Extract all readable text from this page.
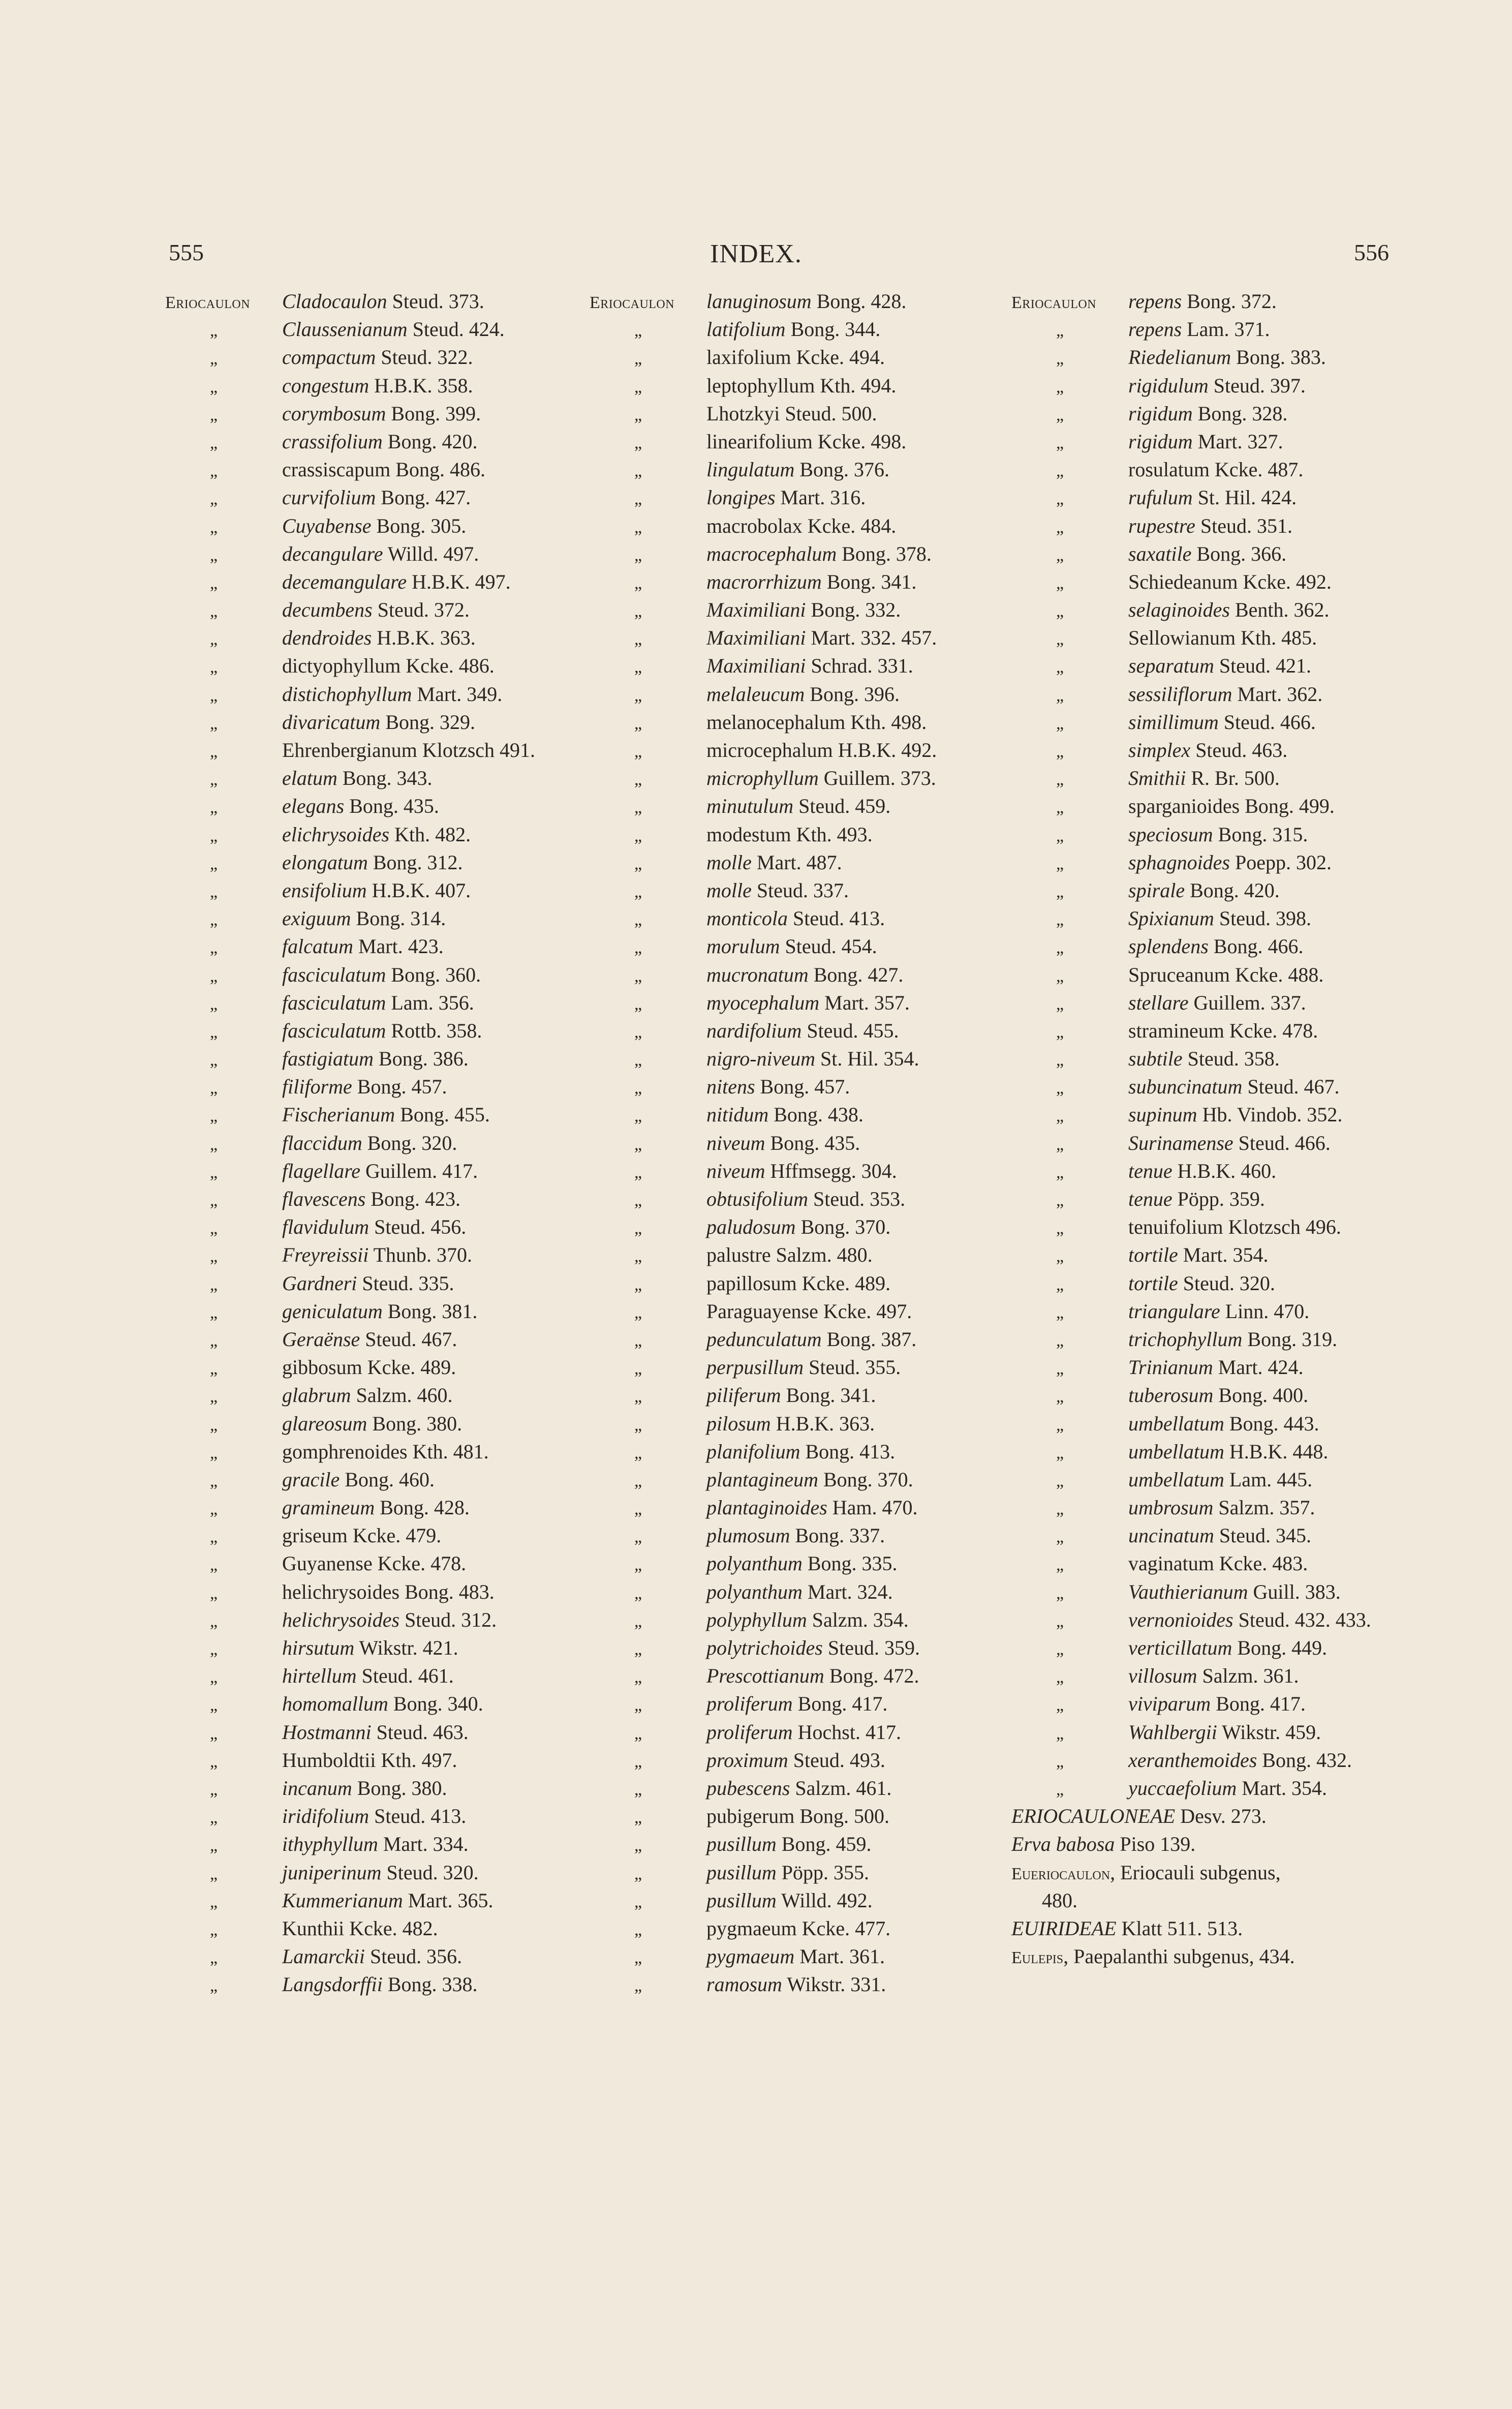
555	INDEX.	556
Eriocaulon Cladocaulon Steud. 373.
„	Claussenianum Steud. 424.
„	compactum Steud. 322.
„	congestum H.B.K. 358.
„	corymbosum Bong. 399.
„	crassifolium Bong. 420.
„	crassiscapum Bong. 486.
„	curvifolium Bong. 427.
„	Cuyabense Bong. 305.
„	decangulare Willd. 497.
„	decemangulare H.B.K. 497.
„	decumbens Steud. 372.
„	dendroides H.B.K. 363.
„	dictyophyllum Kcke. 486.
„	distichophyllum Mart. 349.
„	divaricatum Bong. 329.
„	Ehrenbergianum Klotzsch 491.
„	elatum Bong. 343.
„	elegans Bong. 435.
„	elichrysoides Kth. 482.
„	elongatum Bong. 312.
„	ensifolium H.B.K. 407.
„	exiguum Bong. 314.
„	falcatum Mart. 423.
„	fasciculatum Bong. 360.
„	fasciculatum Lam. 356.
„	fasciculatum Rottb. 358.
„	fastigiatum Bong. 386.
„	filiforme Bong. 457.
„	Fischerianum Bong. 455.
„	flaccidum Bong. 320.
„	flagellare Guillem. 417.
„	flavescens Bong. 423.
„	flavidulum Steud. 456.
„	Freyreissii Thunb. 370.
„	Gardneri Steud. 335.
„	geniculatum Bong. 381.
„	Geraënse Steud. 467.
„	gibbosum Kcke. 489.
„	glabrum Salzm. 460.
„	glareosum Bong. 380.
„	gomphrenoides Kth. 481.
„	gracile Bong. 460.
„	gramineum Bong. 428.
„	griseum Kcke. 479.
„	Guyanense Kcke. 478.
„	helichrysoides Bong. 483.
„	helichrysoides Steud. 312.
„	hirsutum Wikstr. 421.
„	hirtellum Steud. 461.
„	homomallum Bong. 340.
„	Hostmanni Steud. 463.
„	Humboldtii Kth. 497.
„	incanum Bong. 380.
„	iridifolium Steud. 413.
„	ithyphyllum Mart. 334.
„	juniperinum Steud. 320.
„	Kummerianum Mart. 365.
„	Kunthii Kcke. 482.
„	Lamarckii Steud. 356.
„	Langsdorffii Bong. 338.
Eriocaulon lanuginosum Bong. 428.
„	latifolium Bong. 344.
„	laxifolium Kcke. 494.
„	leptophyllum Kth. 494.
„	Lhotzkyi Steud. 500.
„	linearifolium Kcke. 498.
„	lingulatum Bong. 376.
„	longipes Mart. 316.
„	macrobolax Kcke. 484.
„	macrocephalum Bong. 378.
„	macrorrhizum Bong. 341.
„	Maximiliani Bong. 332.
„	Maximiliani Mart. 332. 457.
„	Maximiliani Schrad. 331.
„	melaleucum Bong. 396.
„	melanocephalum Kth. 498.
„	microcephalum H.B.K. 492.
„	microphyllum Guillem. 373.
„	minutulum Steud. 459.
„	modestum Kth. 493.
„	molle Mart. 487.
„	molle Steud. 337.
„	monticola Steud. 413.
„	morulum Steud. 454.
„	mucronatum Bong. 427.
„	myocephalum Mart. 357.
„	nardifolium Steud. 455.
„	nigro-niveum St. Hil. 354.
„	nitens Bong. 457.
„	nitidum Bong. 438.
„	niveum Bong. 435.
„	niveum Hffmsegg. 304.
„	obtusifolium Steud. 353.
„	paludosum Bong. 370.
„	palustre Salzm. 480.
„	papillosum Kcke. 489.
„	Paraguayense Kcke. 497.
„	pedunculatum Bong. 387.
„	perpusillum Steud. 355.
„	piliferum Bong. 341.
„	pilosum H.B.K. 363.
„	planifolium Bong. 413.
„	plantagineum Bong. 370.
„	plantaginoides Ham. 470.
„	plumosum Bong. 337.
„	polyanthum Bong. 335.
„	polyanthum Mart. 324.
„	polyphyllum Salzm. 354.
„	polytrichoides Steud. 359.
„	Prescottianum Bong. 472.
„	proliferum Bong. 417.
„	proliferum Hochst. 417.
„	proximum Steud. 493.
„	pubescens Salzm. 461.
„	pubigerum Bong. 500.
„	pusillum Bong. 459.
„	pusillum Pöpp. 355.
„	pusillum Willd. 492.
„	pygmaeum Kcke. 477.
„	pygmaeum Mart. 361.
„	ramosum Wikstr. 331.
Eriocaulon repens Bong. 372.
„	repens Lam. 371.
„	Riedelianum Bong. 383.
„	rigidulum Steud. 397.
„	rigidum Bong. 328.
„	rigidum Mart. 327.
„	rosulatum Kcke. 487.
„	rufulum St. Hil. 424.
„	rupestre Steud. 351.
„	saxatile Bong. 366.
„	Schiedeanum Kcke. 492.
„	selaginoides Benth. 362.
„	Sellowianum Kth. 485.
„	separatum Steud. 421.
„	sessiliflorum Mart. 362.
„	simillimum Steud. 466.
„	simplex Steud. 463.
„	Smithii R. Br. 500.
„	sparganioides Bong. 499.
„	speciosum Bong. 315.
„	sphagnoides Poepp. 302.
„	spirale Bong. 420.
„	Spixianum Steud. 398.
„	splendens Bong. 466.
„	Spruceanum Kcke. 488.
„	stellare Guillem. 337.
„	stramineum Kcke. 478.
„	subtile Steud. 358.
„	subuncinatum Steud. 467.
„	supinum Hb. Vindob. 352.
„	Surinamense Steud. 466.
„	tenue H.B.K. 460.
„	tenue Pöpp. 359.
„	tenuifolium Klotzsch 496.
„	tortile Mart. 354.
„	tortile Steud. 320.
„	triangulare Linn. 470.
„	trichophyllum Bong. 319.
„	Trinianum Mart. 424.
„	tuberosum Bong. 400.
„	umbellatum Bong. 443.
„	umbellatum H.B.K. 448.
„	umbellatum Lam. 445.
„	umbrosum Salzm. 357.
„	uncinatum Steud. 345.
„	vaginatum Kcke. 483.
„	Vauthierianum Guill. 383.
„	vernonioides Steud. 432. 433.
„	verticillatum Bong. 449.
„	villosum Salzm. 361.
„	viviparum Bong. 417.
„	Wahlbergii Wikstr. 459.
„	xeranthemoides Bong. 432.
„	yuccaefolium Mart. 354.
ERIOCAULONEAE Desv. 273.
Erva babosa Piso 139.
Eueriocaulon, Eriocauli subgenus,
480.
EUIRIDEAE Klatt 511. 513.
Eulepis, Paepalanthi subgenus, 434.
